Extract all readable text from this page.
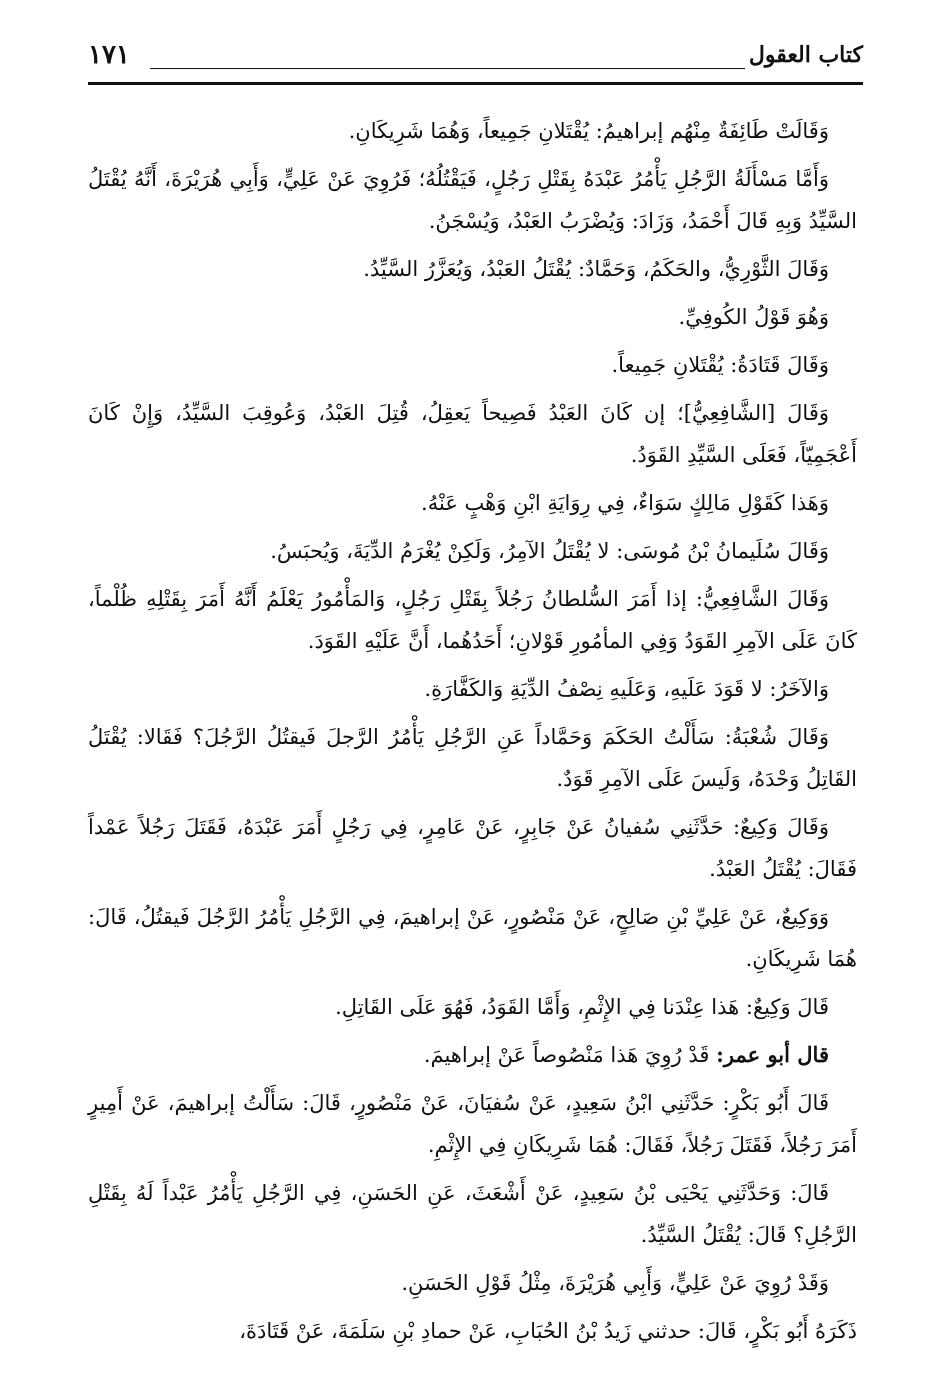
كتاب العقول
١٧١

وَقَالَتْ طَائِفَةٌ مِنْهُم إبراهيمُ: يُقْتَلانِ جَمِيعاً، وَهُمَا شَرِيكَانِ.

وَأَمَّا مَسْأَلَةُ الرَّجُلِ يَأْمُرُ عَبْدَهُ بِقَتْلِ رَجُلٍ، فَيَقْتُلُهُ؛ فَرُوِيَ عَنْ عَلِيٍّ، وَأَبِي هُرَيْرَةَ، أَنَّهُ يُقْتَلُ السَّيِّدُ وَبِهِ قَالَ أَحْمَدُ، وَزَادَ: وَيُضْرَبُ العَبْدُ، وَيُسْجَنُ.

وَقَالَ الثَّوْرِيُّ، والحَكَمُ، وَحَمَّادٌ: يُقْتَلُ العَبْدُ، وَيُعَزَّرُ السَّيِّدُ.

وَهُوَ قَوْلُ الكُوفِيِّ.

وَقَالَ قَتَادَةُ: يُقْتَلانِ جَمِيعاً.

وَقَالَ [الشَّافِعِيُّ]؛ إن كَانَ العَبْدُ فَصِيحاً يَعقِلُ، قُتِلَ العَبْدُ، وَعُوقِبَ السَّيِّدُ، وَإِنْ كَانَ أَعْجَمِيّاً، فَعَلَى السَّيِّدِ القَوَدُ.

وَهَذا كَقَوْلِ مَالِكٍ سَوَاءٌ، فِي رِوَايَةِ ابْنِ وَهْبٍ عَنْهُ.

وَقَالَ سُلَيمانُ بْنُ مُوسَى: لا يُقْتَلُ الآمِرُ، وَلَكِنْ يُغْرَمُ الدِّيَةَ، وَيُحبَسُ.

وَقَالَ الشَّافِعِيُّ: إذا أَمَرَ السُّلطانُ رَجُلاً بِقَتْلِ رَجُلٍ، وَالمَأْمُورُ يَعْلَمُ أَنَّهُ أَمَرَ بِقَتْلِهِ ظُلْماً، كَانَ عَلَى الآمِرِ القَوَدُ وَفِي المأمُورِ قَوْلانِ؛ أَحَدُهُما، أَنَّ عَلَيْهِ القَوَدَ.

وَالآخَرُ: لا قَوَدَ عَلَيهِ، وَعَلَيهِ نِصْفُ الدِّيَةِ وَالكَفَّارَةِ.

وَقَالَ شُعْبَةُ: سَأَلْتُ الحَكَمَ وَحَمَّاداً عَنِ الرَّجُلِ يَأْمُرُ الرَّجلَ فَيقتُلُ الرَّجُلَ؟ فَقَالا: يُقْتَلُ القَاتِلُ وَحْدَهُ، وَلَيسَ عَلَى الآمِرِ قَوَدٌ.

وَقَالَ وَكِيعٌ: حَدَّثَنِي سُفيانُ عَنْ جَابِرٍ، عَنْ عَامِرٍ، فِي رَجُلٍ أَمَرَ عَبْدَهُ، فَقَتَلَ رَجُلاً عَمْداً فَقَالَ: يُقْتَلُ العَبْدُ.

وَوَكِيعٌ، عَنْ عَلِيِّ بْنِ صَالِحٍ، عَنْ مَنْصُورٍ، عَنْ إبراهيمَ، فِي الرَّجُلِ يَأْمُرُ الرَّجُلَ فَيقتُلُ، قَالَ: هُمَا شَرِيكَانِ.

قَالَ وَكِيعٌ: هَذا عِنْدَنا فِي الإِثْمِ، وَأَمَّا القَوَدُ، فَهُوَ عَلَى القَاتِلِ.

قال أبو عمر: قَدْ رُوِيَ هَذا مَنْصُوصاً عَنْ إبراهيمَ.

قَالَ أَبُو بَكْرٍ: حَدَّثَنِي ابْنُ سَعِيدٍ، عَنْ سُفيَانَ، عَنْ مَنْصُورٍ، قَالَ: سَأَلْتُ إبراهيمَ، عَنْ أَمِيرٍ أَمَرَ رَجُلاً، فَقَتَلَ رَجُلاً، فَقَالَ: هُمَا شَرِيكَانِ فِي الإِثْمِ.

قَالَ: وَحَدَّثَنِي يَحْيَى بْنُ سَعِيدٍ، عَنْ أَشْعَثَ، عَنِ الحَسَنِ، فِي الرَّجُلِ يَأْمُرُ عَبْداً لَهُ بِقَتْلِ الرَّجُلِ؟ قَالَ: يُقْتَلُ السَّيِّدُ.

وَقَدْ رُوِيَ عَنْ عَلِيٍّ، وَأَبِي هُرَيْرَةَ، مِثْلُ قَوْلِ الحَسَنِ.

ذَكَرَهُ أَبُو بَكْرٍ، قَالَ: حدثني زَيدُ بْنُ الحُبَابِ، عَنْ حمادِ بْنِ سَلَمَةَ، عَنْ قَتَادَةَ،
